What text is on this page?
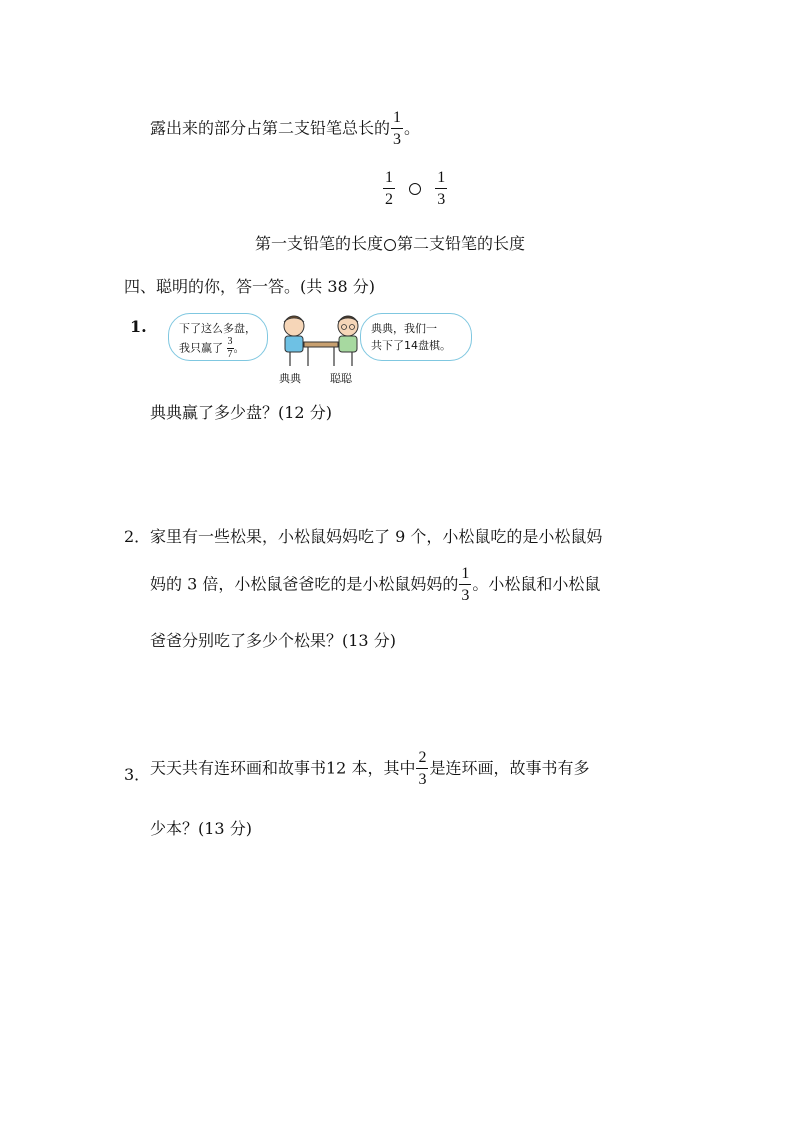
露出来的部分占第二支铅笔总长的 $\frac{1}{3}$ 。
$\frac{1}{2}$
	$\frac{1}{3}$
第一支铅笔的长度 第二支铅笔的长度
四、聪明的你，答一答。(共 38 分)
1.	下了这么多盘，
我只赢了 $\frac{3}{7}$ 。
典典	聪聪
典典，我们一
共下了14盘棋。
典典赢了多少盘？(12 分)
2． 家里有一些松果，小松鼠妈妈吃了 9 个，小松鼠吃的是小松鼠妈
妈的 3 倍，小松鼠爸爸吃的是小松鼠妈妈的 $\frac{1}{3}$ 。小松鼠和小松鼠
爸爸分别吃了多少个松果？(13 分)
3． 天天共有连环画和故事书12 本，其中 $\frac{2}{3}$ 是连环画，故事书有多
少本？(13 分)
